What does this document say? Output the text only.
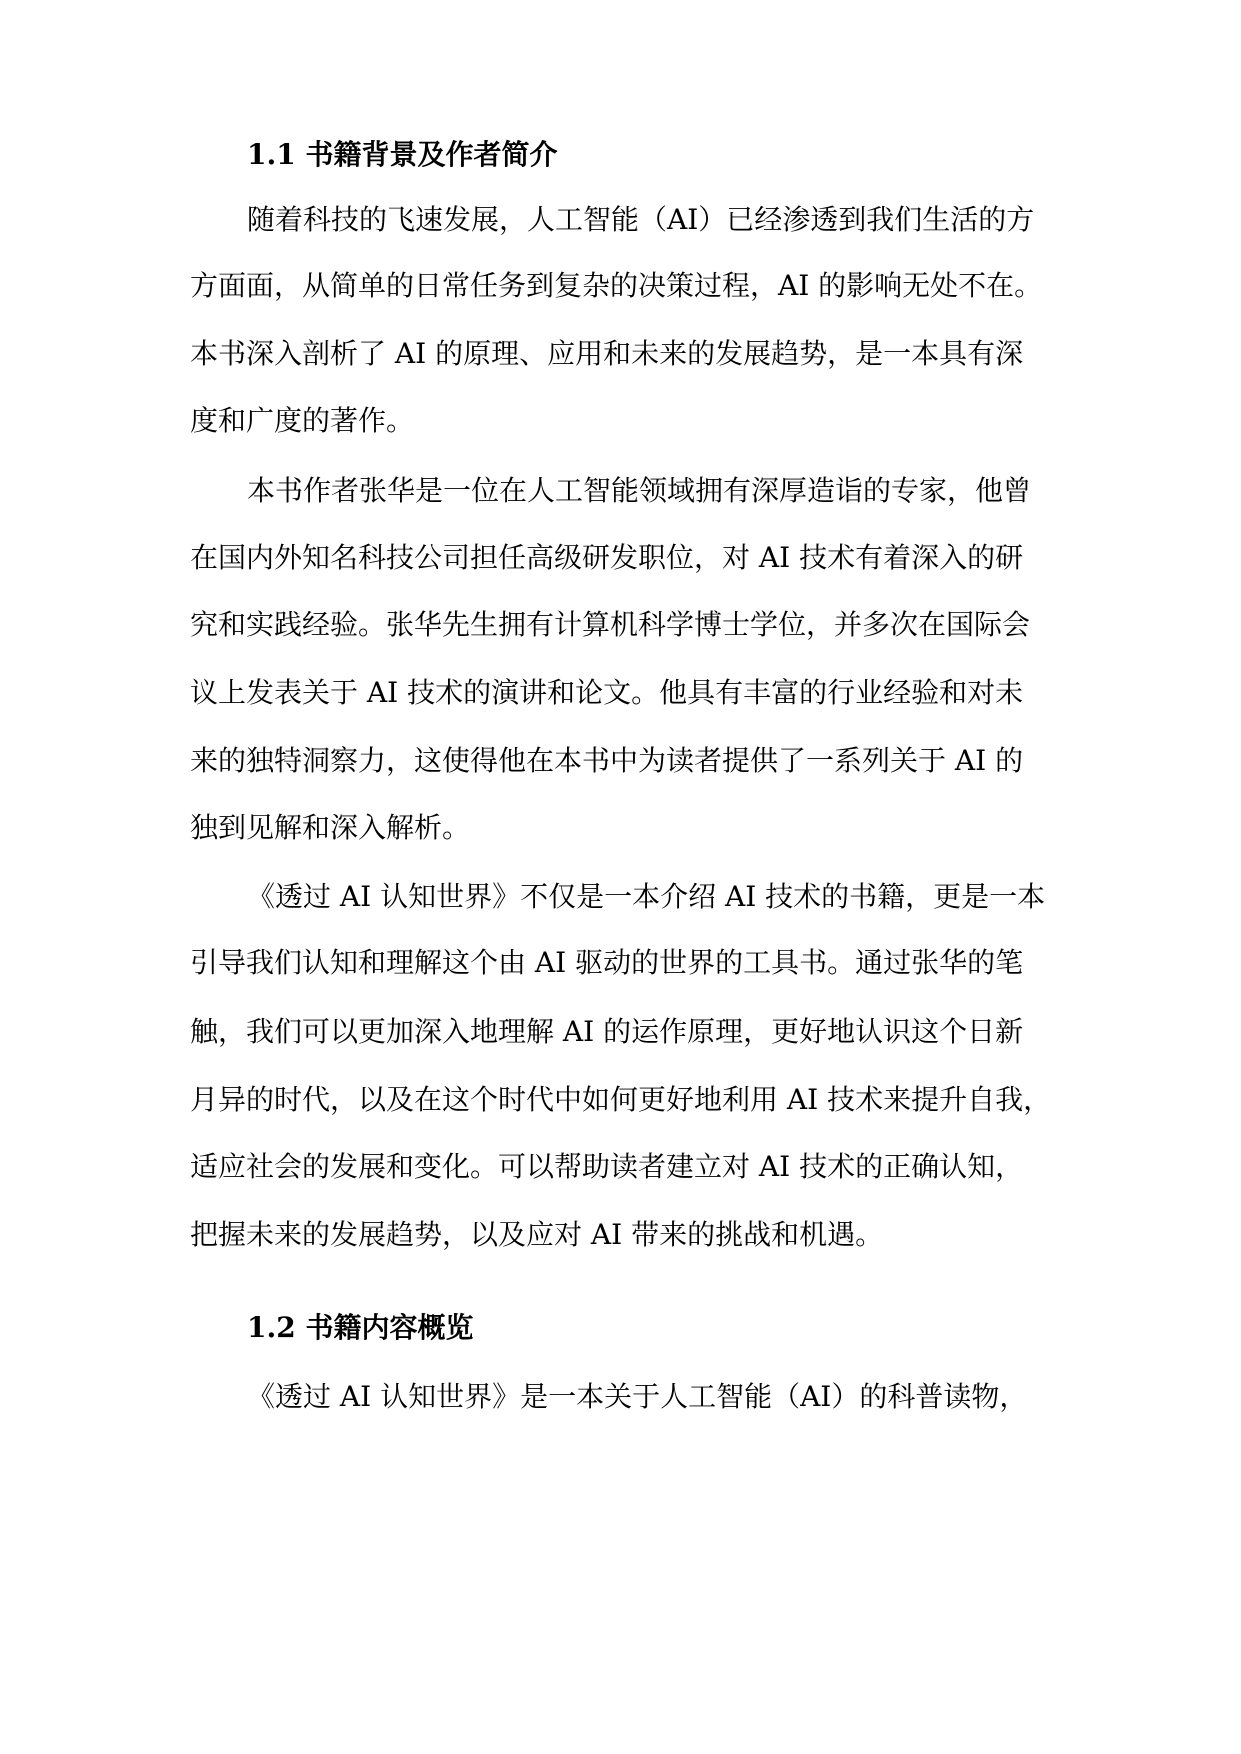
1.1 书籍背景及作者简介
随着科技的飞速发展，人工智能（AI）已经渗透到我们生活的方
方面面，从简单的日常任务到复杂的决策过程，AI 的影响无处不在。
本书深入剖析了 AI 的原理、应用和未来的发展趋势，是一本具有深
度和广度的著作。
本书作者张华是一位在人工智能领域拥有深厚造诣的专家，他曾
在国内外知名科技公司担任高级研发职位，对 AI 技术有着深入的研
究和实践经验。张华先生拥有计算机科学博士学位，并多次在国际会
议上发表关于 AI 技术的演讲和论文。他具有丰富的行业经验和对未
来的独特洞察力，这使得他在本书中为读者提供了一系列关于 AI 的
独到见解和深入解析。
《透过 AI 认知世界》不仅是一本介绍 AI 技术的书籍，更是一本
引导我们认知和理解这个由 AI 驱动的世界的工具书。通过张华的笔
触，我们可以更加深入地理解 AI 的运作原理，更好地认识这个日新
月异的时代，以及在这个时代中如何更好地利用 AI 技术来提升自我，
适应社会的发展和变化。可以帮助读者建立对 AI 技术的正确认知，
把握未来的发展趋势，以及应对 AI 带来的挑战和机遇。
1.2 书籍内容概览
《透过 AI 认知世界》是一本关于人工智能（AI）的科普读物，
